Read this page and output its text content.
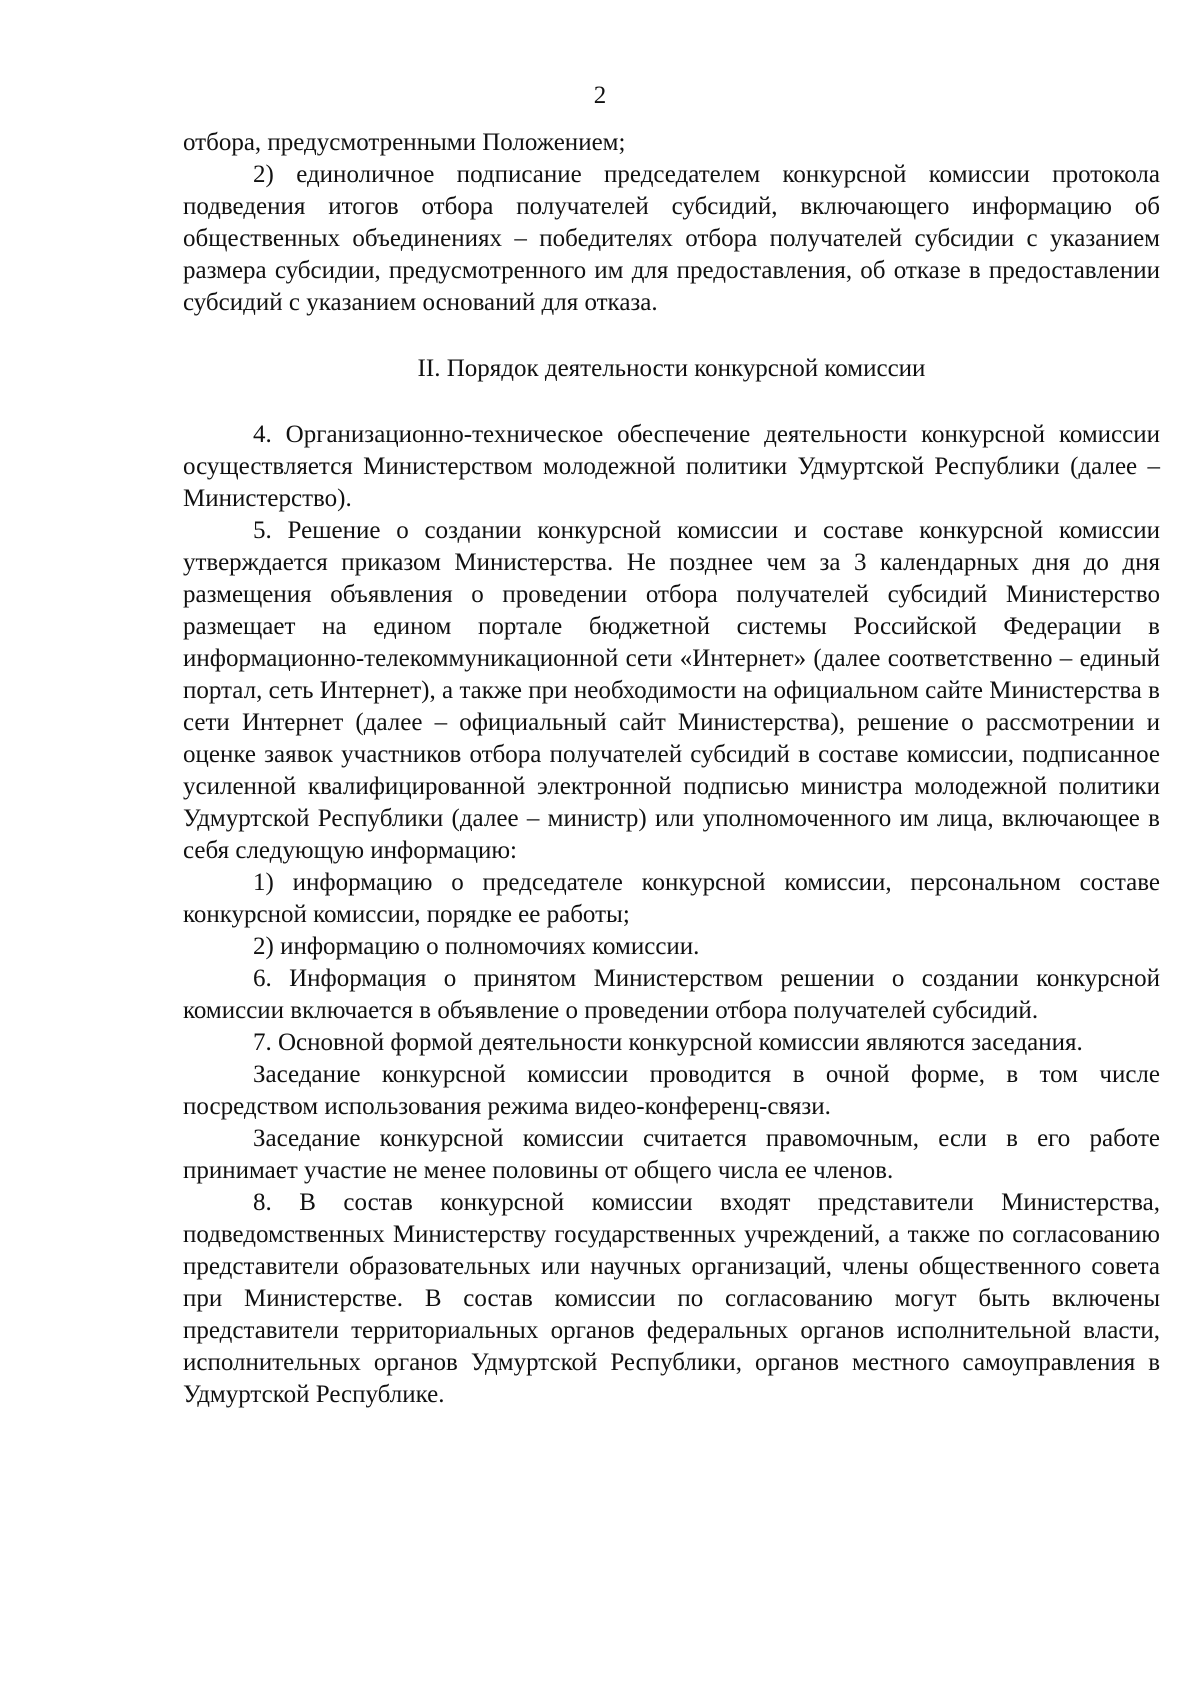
2

отбора, предусмотренными Положением;

2) единоличное подписание председателем конкурсной комиссии протокола подведения итогов отбора получателей субсидий, включающего информацию об общественных объединениях – победителях отбора получателей субсидии с указанием размера субсидии, предусмотренного им для предоставления, об отказе в предоставлении субсидий с указанием оснований для отказа.

II. Порядок деятельности конкурсной комиссии

4. Организационно-техническое обеспечение деятельности конкурсной комиссии осуществляется Министерством молодежной политики Удмуртской Республики (далее – Министерство).

5. Решение о создании конкурсной комиссии и составе конкурсной комиссии утверждается приказом Министерства. Не позднее чем за 3 календарных дня до дня размещения объявления о проведении отбора получателей субсидий Министерство размещает на едином портале бюджетной системы Российской Федерации в информационно-телекоммуникационной сети «Интернет» (далее соответственно – единый портал, сеть Интернет), а также при необходимости на официальном сайте Министерства в сети Интернет (далее – официальный сайт Министерства), решение о рассмотрении и оценке заявок участников отбора получателей субсидий в составе комиссии, подписанное усиленной квалифицированной электронной подписью министра молодежной политики Удмуртской Республики (далее – министр) или уполномоченного им лица, включающее в себя следующую информацию:

1) информацию о председателе конкурсной комиссии, персональном составе конкурсной комиссии, порядке ее работы;

2) информацию о полномочиях комиссии.

6. Информация о принятом Министерством решении о создании конкурсной комиссии включается в объявление о проведении отбора получателей субсидий.

7. Основной формой деятельности конкурсной комиссии являются заседания.

Заседание конкурсной комиссии проводится в очной форме, в том числе посредством использования режима видео-конференц-связи.

Заседание конкурсной комиссии считается правомочным, если в его работе принимает участие не менее половины от общего числа ее членов.

8. В состав конкурсной комиссии входят представители Министерства, подведомственных Министерству государственных учреждений, а также по согласованию представители образовательных или научных организаций, члены общественного совета при Министерстве. В состав комиссии по согласованию могут быть включены представители территориальных органов федеральных органов исполнительной власти, исполнительных органов Удмуртской Республики, органов местного самоуправления в Удмуртской Республике.
